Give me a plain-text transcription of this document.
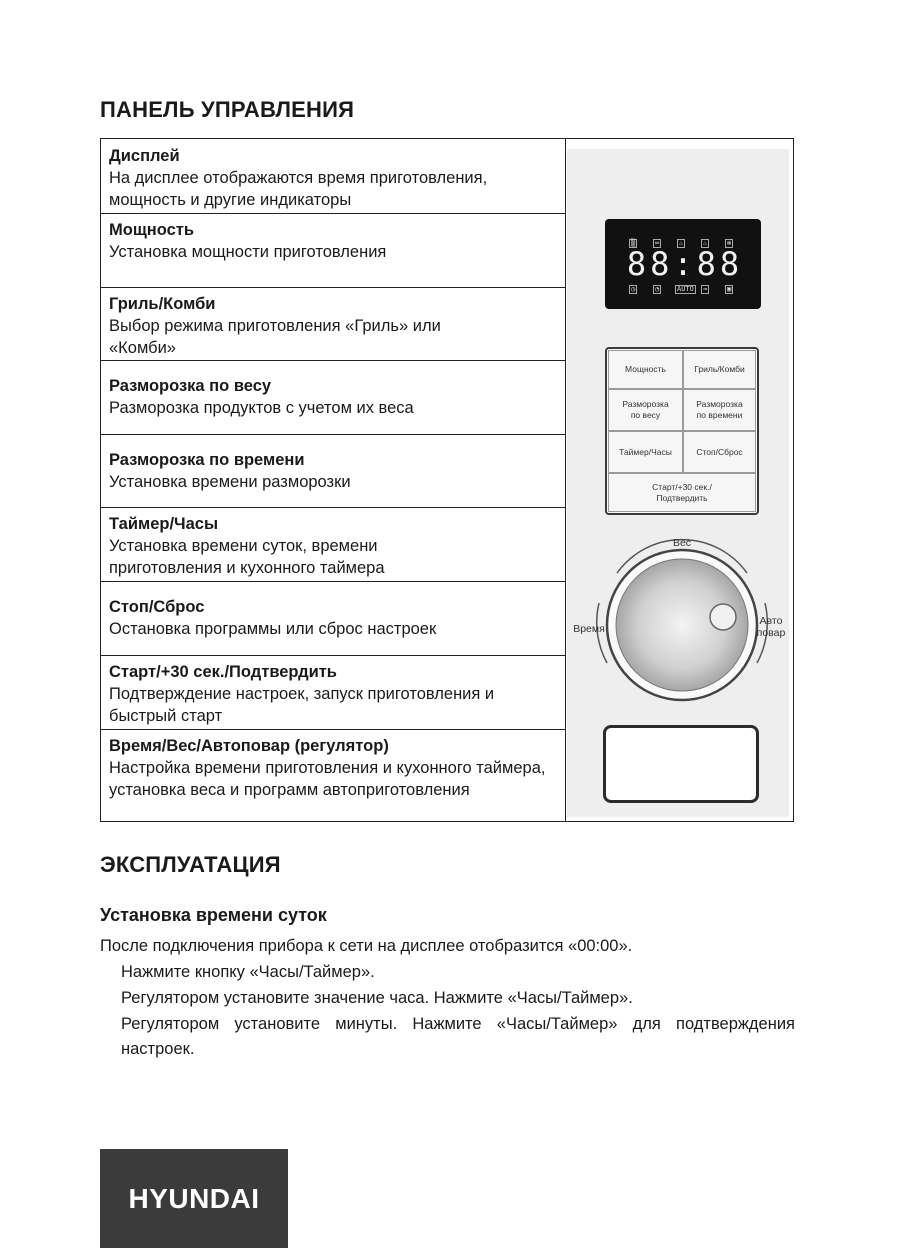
ПАНЕЛЬ УПРАВЛЕНИЯ
Дисплей
На дисплее отображаются время приготовления, мощность и другие индикаторы
Мощность
Установка мощности приготовления
Гриль/Комби
Выбор режима приготовления «Гриль» или «Комби»
Разморозка по весу
Разморозка продуктов с учетом их веса
Разморозка по времени
Установка времени разморозки
Таймер/Часы
Установка времени суток, времени приготовления и кухонного таймера
Стоп/Сброс
Остановка программы или сброс настроек
Старт/+30 сек./Подтвердить
Подтверждение настроек, запуск приготовления и быстрый старт
Время/Вес/Автоповар (регулятор)
Настройка времени приготовления и кухонного таймера, установка веса и программ автоприготовления
▒	═	♨	♨	✻
88:88
◷	◔	AUTO ⊸	▣
Мощность	Гриль/Комби
Разморозка по весу
Разморозка по времени
Таймер/Часы	Стоп/Сброс
Старт/+30 сек./ Подтвердить
Вес
Время
Авто повар
ЭКСПЛУАТАЦИЯ
Установка времени суток
После подключения прибора к сети на дисплее отобразится «00:00».
Нажмите кнопку «Часы/Таймер».
Регулятором установите значение часа. Нажмите «Часы/Таймер».
Регулятором установите минуты. Нажмите «Часы/Таймер» для подтверждения настроек.
HYUNDAI
